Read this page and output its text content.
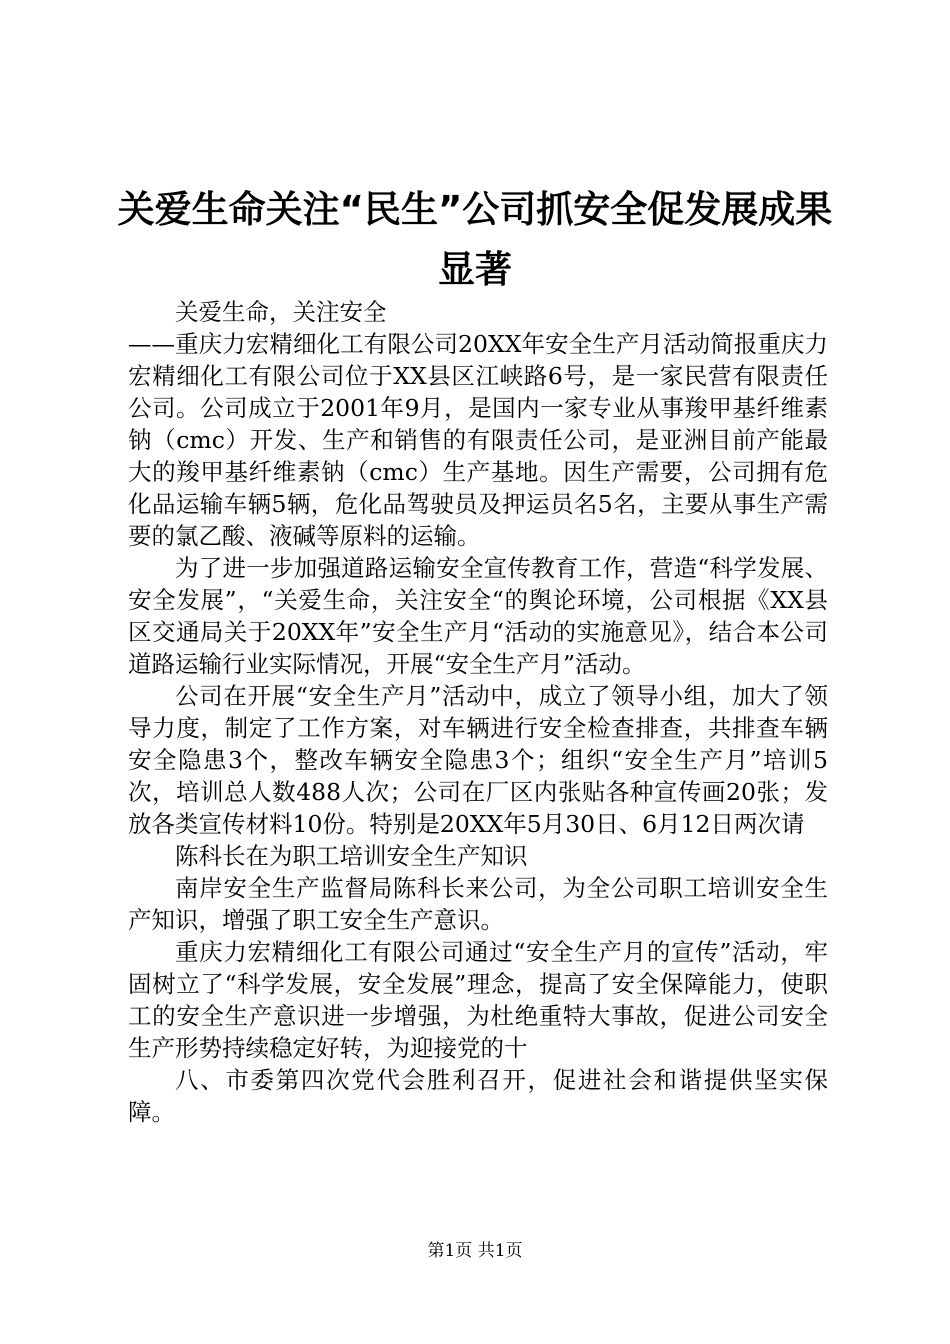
关爱生命关注“民生”公司抓安全促发展成果
显著

关爱生命，关注安全

——重庆力宏精细化工有限公司20XX年安全生产月活动简报重庆力宏精细化工有限公司位于XX县区江峡路6号，是一家民营有限责任公司。公司成立于2001年9月，是国内一家专业从事羧甲基纤维素钠（cmc）开发、生产和销售的有限责任公司，是亚洲目前产能最大的羧甲基纤维素钠（cmc）生产基地。因生产需要，公司拥有危化品运输车辆5辆，危化品驾驶员及押运员名5名，主要从事生产需要的氯乙酸、液碱等原料的运输。

为了进一步加强道路运输安全宣传教育工作，营造“科学发展、安全发展”，“关爱生命，关注安全“的舆论环境，公司根据《XX县区交通局关于20XX年”安全生产月“活动的实施意见》，结合本公司道路运输行业实际情况，开展“安全生产月”活动。

公司在开展“安全生产月”活动中，成立了领导小组，加大了领导力度，制定了工作方案，对车辆进行安全检查排查，共排查车辆安全隐患3个，整改车辆安全隐患3个；组织“安全生产月”培训5次，培训总人数488人次；公司在厂区内张贴各种宣传画20张；发放各类宣传材料10份。特别是20XX年5月30日、6月12日两次请

陈科长在为职工培训安全生产知识

南岸安全生产监督局陈科长来公司，为全公司职工培训安全生产知识，增强了职工安全生产意识。

重庆力宏精细化工有限公司通过“安全生产月的宣传”活动，牢固树立了“科学发展，安全发展”理念，提高了安全保障能力，使职工的安全生产意识进一步增强，为杜绝重特大事故，促进公司安全生产形势持续稳定好转，为迎接党的十

八、市委第四次党代会胜利召开，促进社会和谐提供坚实保障。

第1页 共1页
